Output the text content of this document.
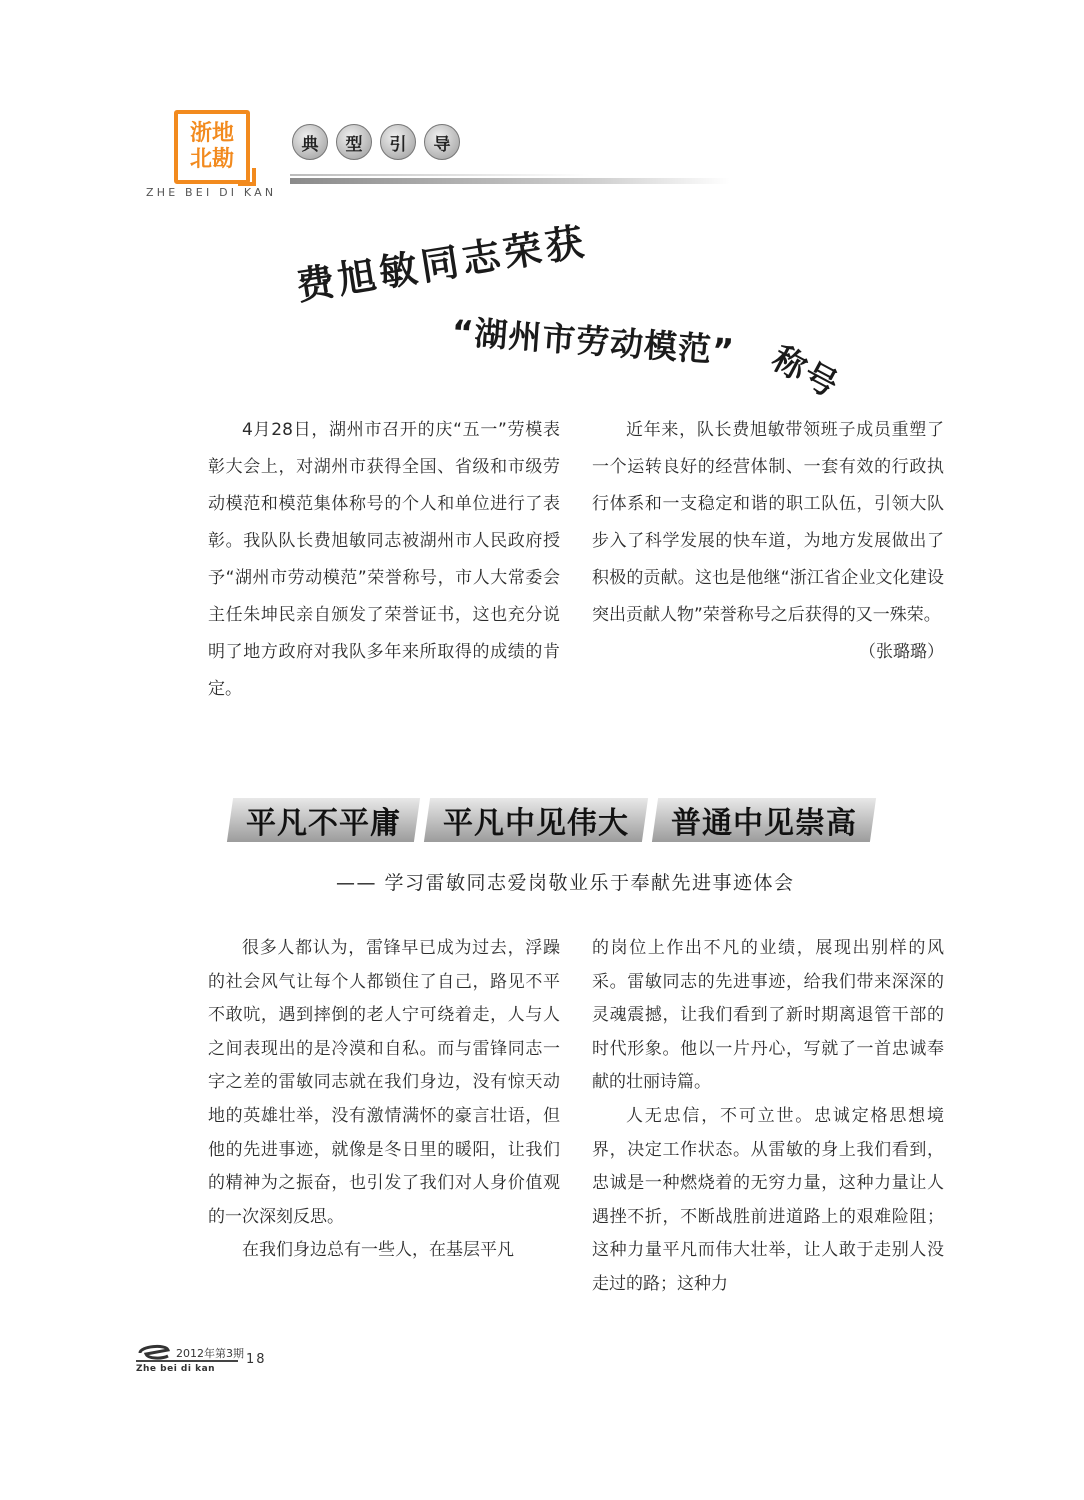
浙地
北勘
ZHE BEI DI KAN
典	型	引	导
费旭敏同志荣获
“湖州市劳动模范” 称号

4月28日，湖州市召开的庆“五一”劳模表彰大会上，对湖州市获得全国、省级和市级劳动模范和模范集体称号的个人和单位进行了表彰。我队队长费旭敏同志被湖州市人民政府授予“湖州市劳动模范”荣誉称号，市人大常委会主任朱坤民亲自颁发了荣誉证书，这也充分说明了地方政府对我队多年来所取得的成绩的肯定。

近年来，队长费旭敏带领班子成员重塑了一个运转良好的经营体制、一套有效的行政执行体系和一支稳定和谐的职工队伍，引领大队步入了科学发展的快车道，为地方发展做出了积极的贡献。这也是他继“浙江省企业文化建设突出贡献人物”荣誉称号之后获得的又一殊荣。

（张璐璐）

平凡不平庸 平凡中见伟大 普通中见崇高
—— 学习雷敏同志爱岗敬业乐于奉献先进事迹体会

很多人都认为，雷锋早已成为过去，浮躁的社会风气让每个人都锁住了自己，路见不平不敢吭，遇到摔倒的老人宁可绕着走，人与人之间表现出的是冷漠和自私。而与雷锋同志一字之差的雷敏同志就在我们身边，没有惊天动地的英雄壮举，没有激情满怀的豪言壮语，但他的先进事迹，就像是冬日里的暖阳，让我们的精神为之振奋，也引发了我们对人身价值观的一次深刻反思。

在我们身边总有一些人，在基层平凡

的岗位上作出不凡的业绩，展现出别样的风采。雷敏同志的先进事迹，给我们带来深深的灵魂震撼，让我们看到了新时期离退管干部的时代形象。他以一片丹心，写就了一首忠诚奉献的壮丽诗篇。

人无忠信，不可立世。忠诚定格思想境界，决定工作状态。从雷敏的身上我们看到，忠诚是一种燃烧着的无穷力量，这种力量让人遇挫不折，不断战胜前进道路上的艰难险阻；这种力量平凡而伟大壮举，让人敢于走别人没走过的路；这种力

2012年第3期
Zhe bei di kan
18
